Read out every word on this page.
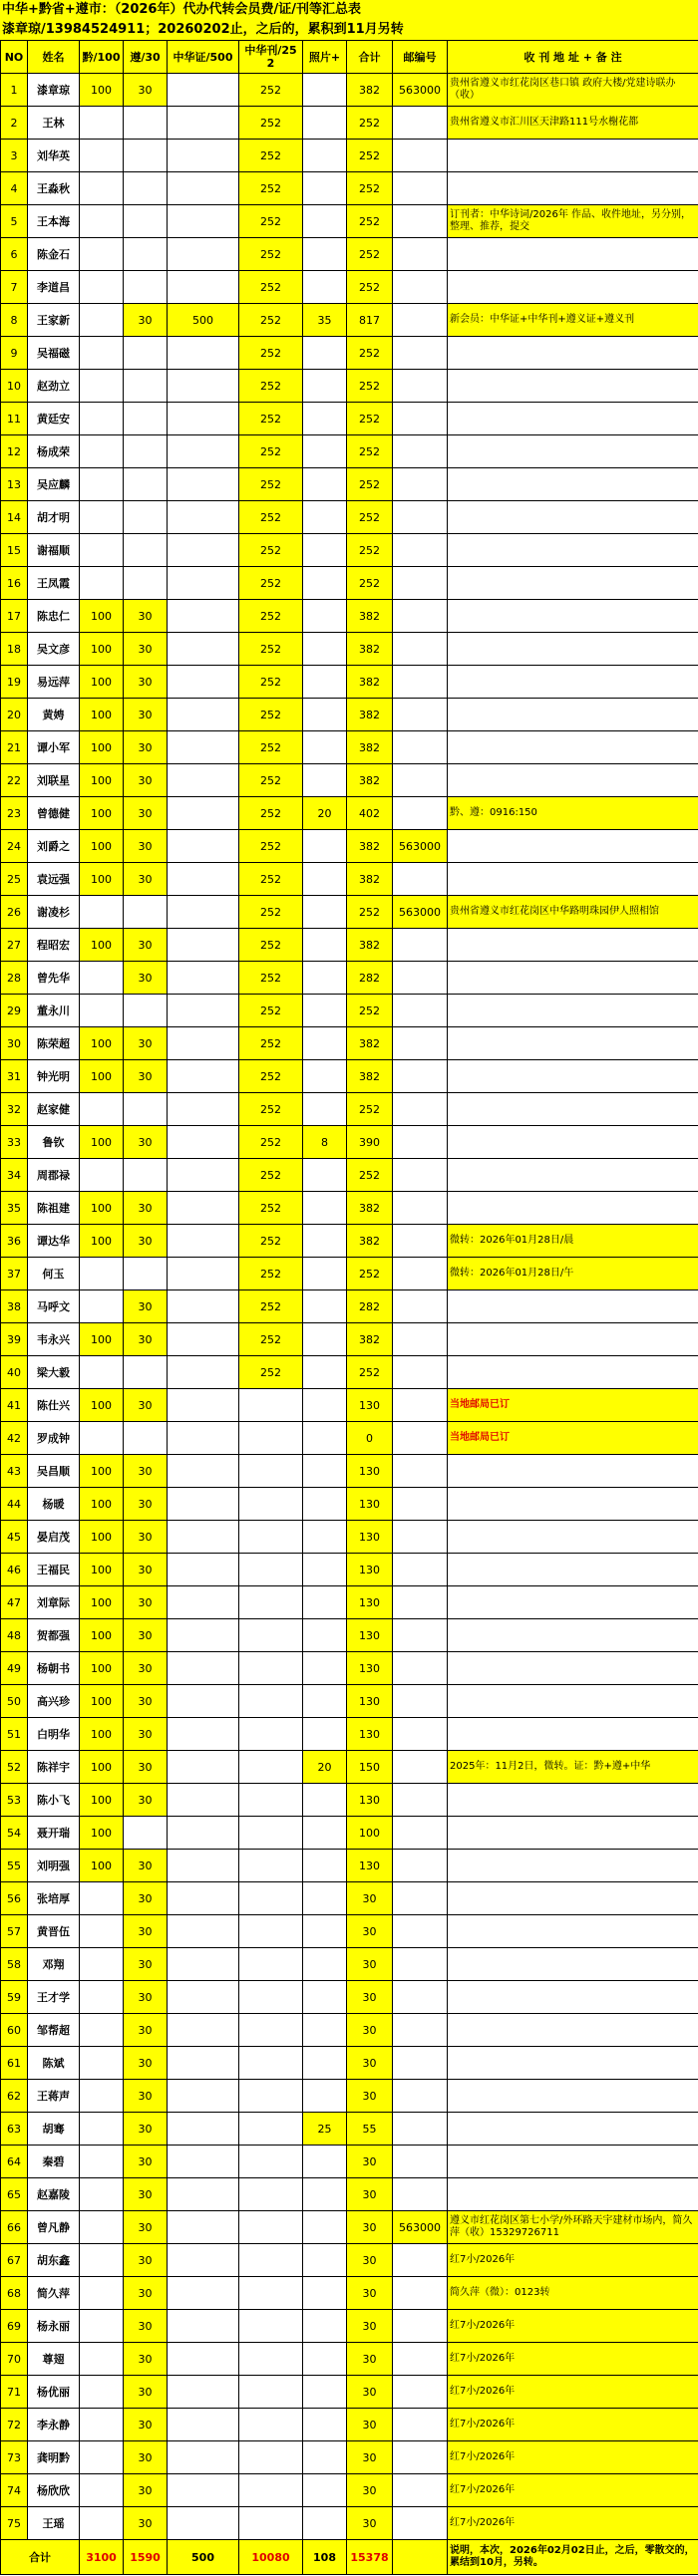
中华+黔省+遵市：（2026年）代办代转会员费/证/刊等汇总表
漆章琼/13984524911；20260202止，之后的，累积到11月另转
NO	姓名	黔/100	遵/30	中华证/500	中华刊/252	照片+	合计	邮编号	收 刊 地 址 + 备 注
1	漆章琼	100	30		252		382	563000	贵州省遵义市红花岗区巷口镇 政府大楼/党建诗联办（收）
2	王林				252		252		贵州省遵义市汇川区天津路111号水榭花都
3	刘华英				252		252		
4	王淼秋				252		252		
5	王本海				252		252		订刊者：中华诗词/2026年 作品、收件地址，另分别，整理、推荐，提交
6	陈金石				252		252		
7	李道昌				252		252		
8	王家新		30	500	252	35	817		新会员：中华证+中华刊+遵义证+遵义刊
9	吴福磁				252		252		
10	赵劲立				252		252		
11	黄廷安				252		252		
12	杨成荣				252		252		
13	吴应麟				252		252		
14	胡才明				252		252		
15	谢福顺				252		252		
16	王凤霞				252		252		
17	陈忠仁	100	30		252		382		
18	吴文彦	100	30		252		382		
19	易远萍	100	30		252		382		
20	黄娉	100	30		252		382		
21	谭小军	100	30		252		382		
22	刘联星	100	30		252		382		
23	曾德健	100	30		252	20	402		黔、遵：0916:150
24	刘爵之	100	30		252		382	563000	
25	袁远强	100	30		252		382		
26	谢凌杉				252		252	563000	贵州省遵义市红花岗区中华路明珠园伊人照相馆
27	程昭宏	100	30		252		382		
28	曾先华		30		252		282		
29	董永川				252		252		
30	陈荣超	100	30		252		382		
31	钟光明	100	30		252		382		
32	赵家健				252		252		
33	鲁钦	100	30		252	8	390		
34	周郡禄				252		252		
35	陈祖建	100	30		252		382		
36	谭达华	100	30		252		382		微转：2026年01月28日/晨
37	何玉				252		252		微转：2026年01月28日/午
38	马呼文		30		252		282		
39	韦永兴	100	30		252		382		
40	梁大毅				252		252		
41	陈仕兴	100	30				130		当地邮局已订
42	罗成钟						0		当地邮局已订
43	吴昌顺	100	30				130		
44	杨暖	100	30				130		
45	晏启茂	100	30				130		
46	王福民	100	30				130		
47	刘章际	100	30				130		
48	贺都强	100	30				130		
49	杨朝书	100	30				130		
50	高兴珍	100	30				130		
51	白明华	100	30				130		
52	陈祥宇	100	30			20	150		2025年：11月2日，微转。证：黔+遵+中华
53	陈小飞	100	30				130		
54	聂开瑞	100					100		
55	刘明强	100	30				130		
56	张培厚		30				30		
57	黄晋伍		30				30		
58	邓翔		30				30		
59	王才学		30				30		
60	邹帮超		30				30		
61	陈斌		30				30		
62	王蒋声		30				30		
63	胡骞		30			25	55		
64	秦碧		30				30		
65	赵嘉陵		30				30		
66	曾凡静		30				30	563000	遵义市红花岗区第七小学/外环路天宇建材市场内，简久萍（收）15329726711
67	胡东鑫		30				30		红7小/2026年
68	简久萍		30				30		简久萍（微）：0123转
69	杨永丽		30				30		红7小/2026年
70	尊翅		30				30		红7小/2026年
71	杨优丽		30				30		红7小/2026年
72	李永静		30				30		红7小/2026年
73	龚明黔		30				30		红7小/2026年
74	杨欣欣		30				30		红7小/2026年
75	王瑶		30				30		红7小/2026年
合计		3100	1590	500	10080	108	15378		说明，本次，2026年02月02日止，之后，零散交的，累结到10月，另转。
